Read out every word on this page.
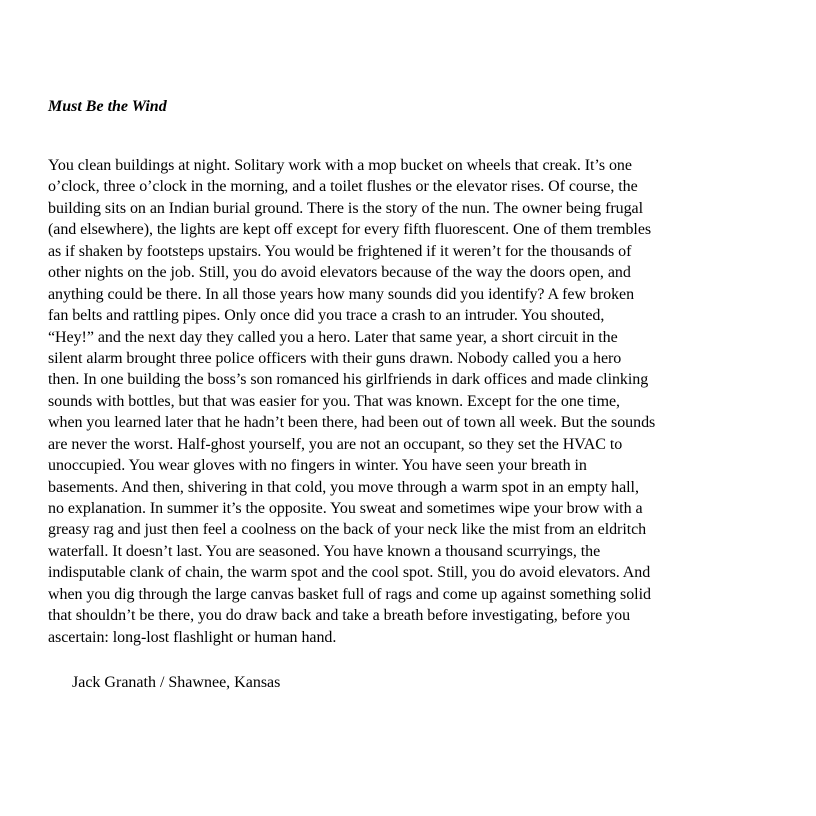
Must Be the Wind
You clean buildings at night. Solitary work with a mop bucket on wheels that creak. It’s one
o’clock, three o’clock in the morning, and a toilet flushes or the elevator rises. Of course, the
building sits on an Indian burial ground. There is the story of the nun. The owner being frugal
(and elsewhere), the lights are kept off except for every fifth fluorescent. One of them trembles
as if shaken by footsteps upstairs. You would be frightened if it weren’t for the thousands of
other nights on the job. Still, you do avoid elevators because of the way the doors open, and
anything could be there. In all those years how many sounds did you identify? A few broken
fan belts and rattling pipes. Only once did you trace a crash to an intruder. You shouted,
“Hey!” and the next day they called you a hero. Later that same year, a short circuit in the
silent alarm brought three police officers with their guns drawn. Nobody called you a hero
then. In one building the boss’s son romanced his girlfriends in dark offices and made clinking
sounds with bottles, but that was easier for you. That was known. Except for the one time,
when you learned later that he hadn’t been there, had been out of town all week. But the sounds
are never the worst. Half-ghost yourself, you are not an occupant, so they set the HVAC to
unoccupied. You wear gloves with no fingers in winter. You have seen your breath in
basements. And then, shivering in that cold, you move through a warm spot in an empty hall,
no explanation. In summer it’s the opposite. You sweat and sometimes wipe your brow with a
greasy rag and just then feel a coolness on the back of your neck like the mist from an eldritch
waterfall. It doesn’t last. You are seasoned. You have known a thousand scurryings, the
indisputable clank of chain, the warm spot and the cool spot. Still, you do avoid elevators. And
when you dig through the large canvas basket full of rags and come up against something solid
that shouldn’t be there, you do draw back and take a breath before investigating, before you
ascertain: long-lost flashlight or human hand.
Jack Granath / Shawnee, Kansas
